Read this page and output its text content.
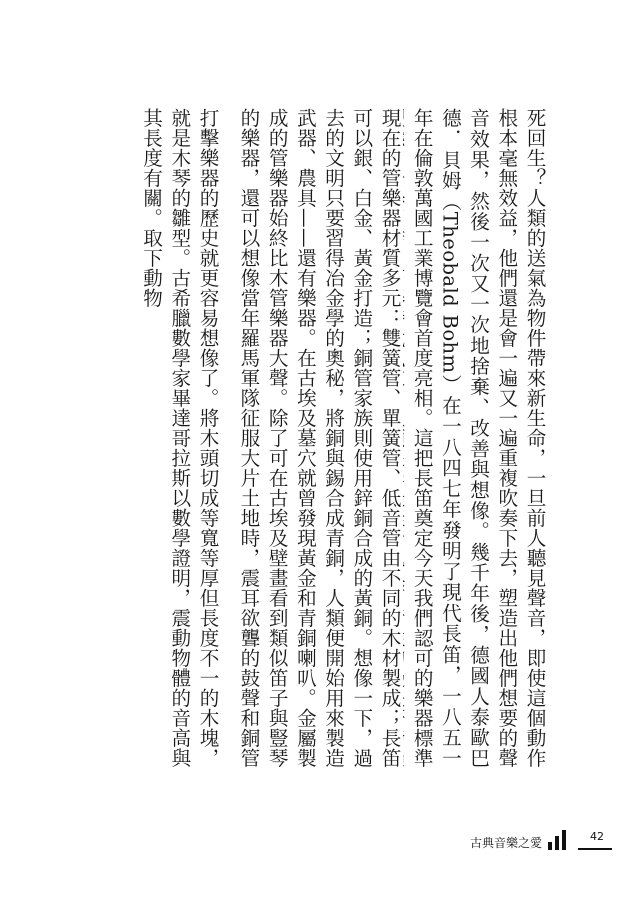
死回生？人類的送氣為物件帶來新生命，一旦前人聽見聲音，即使這個動作根本毫無效益，他們還是會一遍又一遍重複吹奏下去，塑造出他們想要的聲音效果，然後一次又一次地捨棄、改善與想像。幾千年後，德國人泰歐巴德．貝姆（Theobald Bohm）在一八四七年發明了現代長笛，一八五一年在倫敦萬國工業博覽會首度亮相。這把長笛奠定今天我們認可的樂器標準

現在的管樂器材質多元：雙簧管、單簧管、低音管由不同的木材製成；長笛可以銀、白金、黃金打造；銅管家族則使用鋅銅合成的黃銅。想像一下，過去的文明只要習得冶金學的奧秘，將銅與錫合成青銅，人類便開始用來製造武器、農具——還有樂器。在古埃及墓穴就曾發現黃金和青銅喇叭。金屬製成的管樂器始終比木管樂器大聲。除了可在古埃及壁畫看到類似笛子與豎琴的樂器，還可以想像當年羅馬軍隊征服大片土地時，震耳欲聾的鼓聲和銅管

打擊樂器的歷史就更容易想像了。將木頭切成等寬等厚但長度不一的木塊，就是木琴的雛型。古希臘數學家畢達哥拉斯以數學證明，震動物體的音高與其長度有關。取下動物

古典音樂之愛	42
